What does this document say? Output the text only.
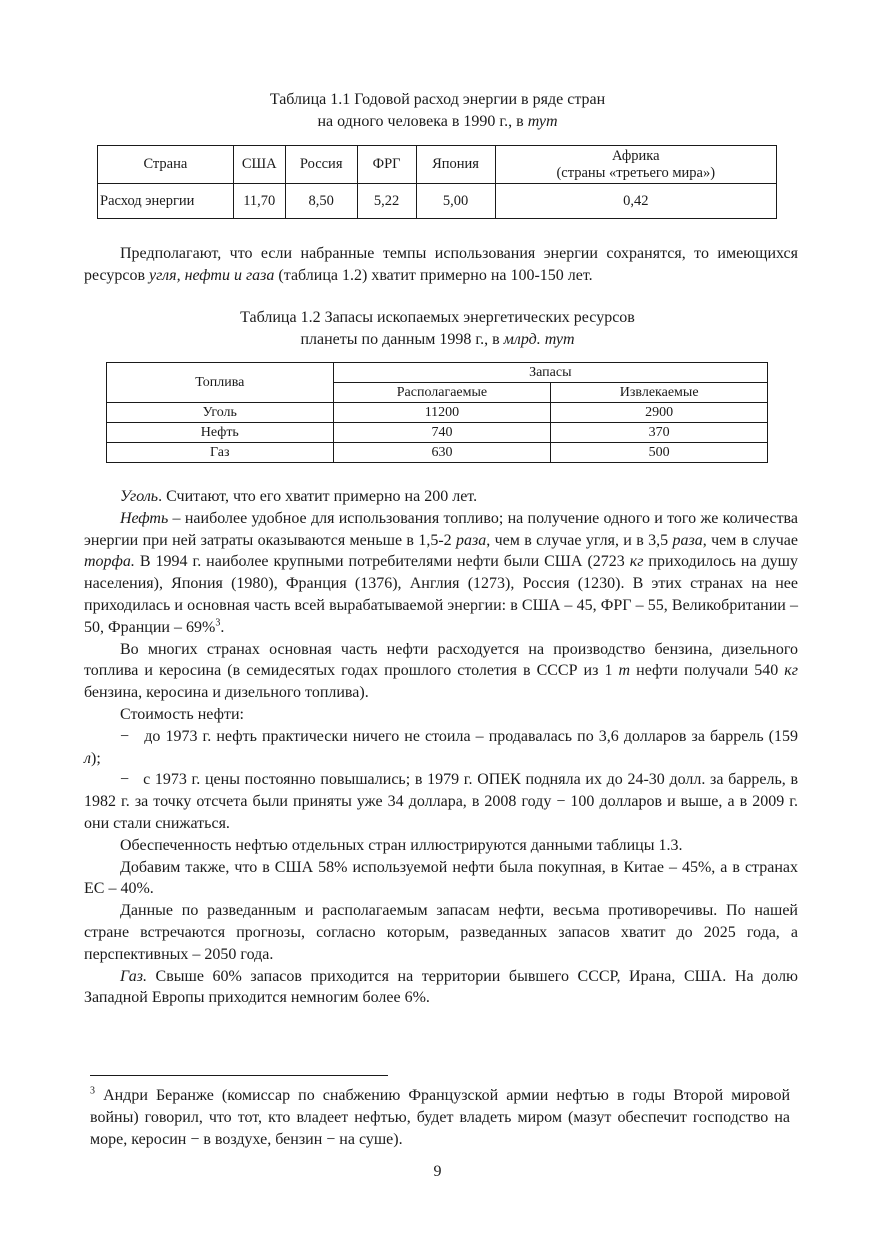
Таблица 1.1 Годовой расход энергии в ряде стран
на одного человека в 1990 г., в тут
Страна	США	Россия	ФРГ	Япония	Африка
(страны «третьего мира»)

Расход энергии	11,70	8,50	5,22	5,00	0,42

Предполагают, что если набранные темпы использования энергии сохранятся, то имеющихся ресурсов угля, нефти и газа (таблица 1.2) хватит примерно на 100-150 лет.

Таблица 1.2 Запасы ископаемых энергетических ресурсов
планеты по данным 1998 г., в млрд. тут
Топлива	Запасы	
	Располагаемые	Извлекаемые
Уголь	11200	2900
Нефть	740	370
Газ	630	500

Уголь. Считают, что его хватит примерно на 200 лет.

Нефть – наиболее удобное для использования топливо; на получение одного и того же количества энергии при ней затраты оказываются меньше в 1,5-2 раза, чем в случае угля, и в 3,5 раза, чем в случае торфа. В 1994 г. наиболее крупными потребителями нефти были США (2723 кг приходилось на душу населения), Япония (1980), Франция (1376), Англия (1273), Россия (1230). В этих странах на нее приходилась и основная часть всей вырабатываемой энергии: в США – 45, ФРГ – 55, Великобритании – 50, Франции – 69%$^3$.

Во многих странах основная часть нефти расходуется на производство бензина, дизельного топлива и керосина (в семидесятых годах прошлого столетия в СССР из 1 т нефти получали 540 кг бензина, керосина и дизельного топлива).

Стоимость нефти:

− до 1973 г. нефть практически ничего не стоила – продавалась по 3,6 долларов за баррель (159 л);

− с 1973 г. цены постоянно повышались; в 1979 г. ОПЕК подняла их до 24-30 долл. за баррель, в 1982 г. за точку отсчета были приняты уже 34 доллара, в 2008 году − 100 долларов и выше, а в 2009 г. они стали снижаться.

Обеспеченность нефтью отдельных стран иллюстрируются данными таблицы 1.3.

Добавим также, что в США 58% используемой нефти была покупная, в Китае – 45%, а в странах ЕС – 40%.

Данные по разведанным и располагаемым запасам нефти, весьма противоречивы. По нашей стране встречаются прогнозы, согласно которым, разведанных запасов хватит до 2025 года, а перспективных – 2050 года.

Газ. Свыше 60% запасов приходится на территории бывшего СССР, Ирана, США. На долю Западной Европы приходится немногим более 6%.

$^3$ Андри Беранже (комиссар по снабжению Французской армии нефтью в годы Второй мировой войны) говорил, что тот, кто владеет нефтью, будет владеть миром (мазут обеспечит господство на море, керосин − в воздухе, бензин − на суше).
9
